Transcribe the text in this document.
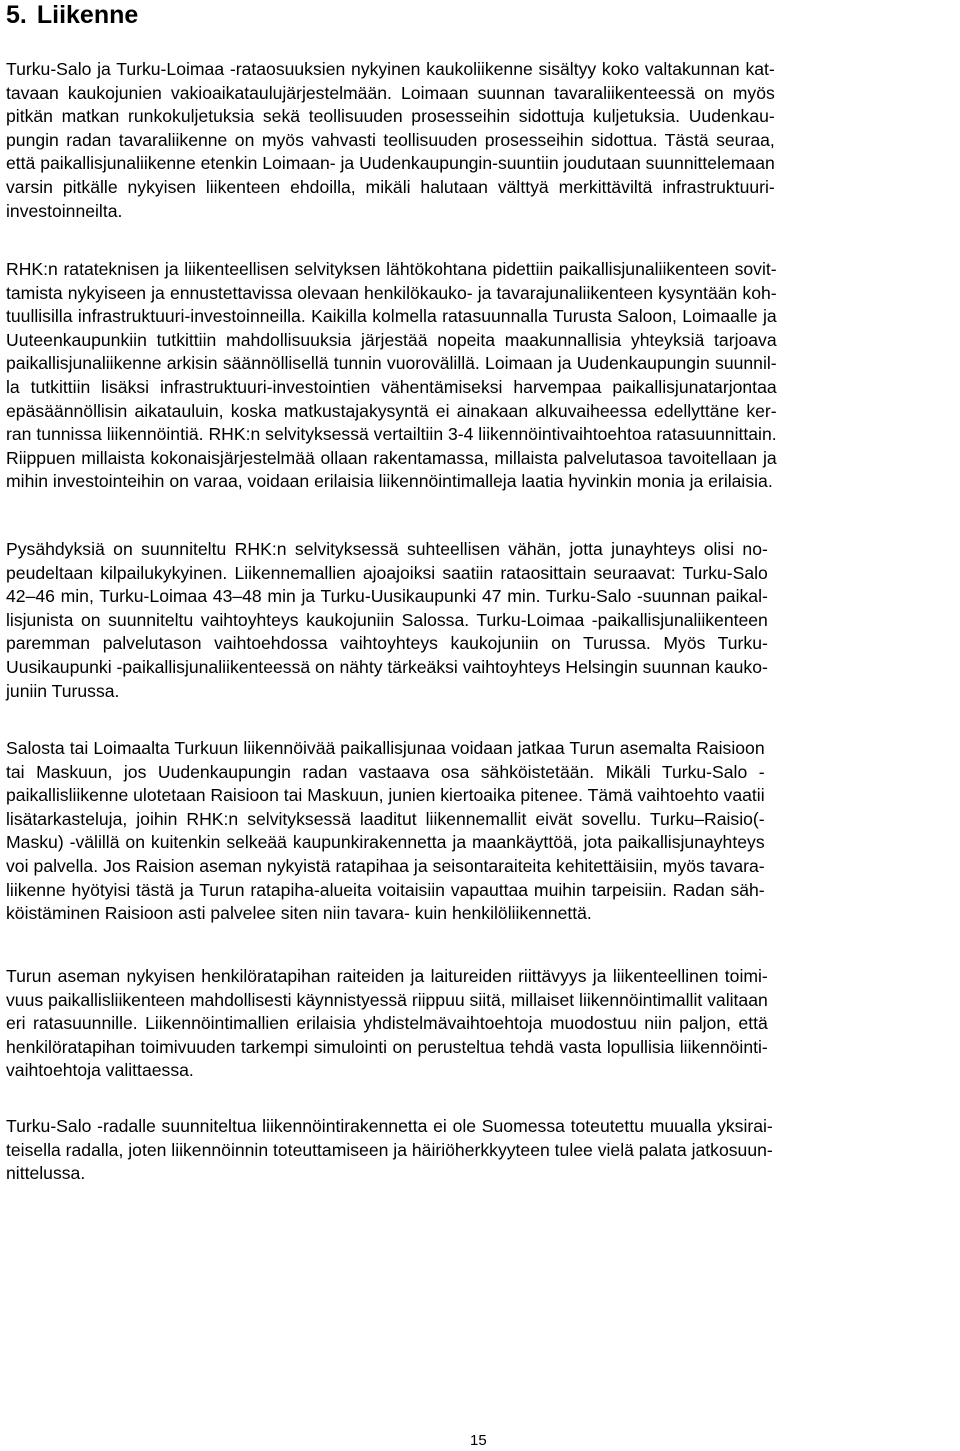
5. Liikenne
Turku-Salo ja Turku-Loimaa -rataosuuksien nykyinen kaukoliikenne sisältyy koko valtakunnan kat-
tavaan kaukojunien vakioaikataulujärjestelmään. Loimaan suunnan tavaraliikenteessä on myös
pitkän matkan runkokuljetuksia sekä teollisuuden prosesseihin sidottuja kuljetuksia. Uudenkau-
pungin radan tavaraliikenne on myös vahvasti teollisuuden prosesseihin sidottua. Tästä seuraa,
että paikallisjunaliikenne etenkin Loimaan- ja Uudenkaupungin-suuntiin joudutaan suunnittelemaan
varsin pitkälle nykyisen liikenteen ehdoilla, mikäli halutaan välttyä merkittäviltä infrastruktuuri-
investoinneilta.
RHK:n ratateknisen ja liikenteellisen selvityksen lähtökohtana pidettiin paikallisjunaliikenteen sovit-
tamista nykyiseen ja ennustettavissa olevaan henkilökauko- ja tavarajunaliikenteen kysyntään koh-
tuullisilla infrastruktuuri-investoinneilla. Kaikilla kolmella ratasuunnalla Turusta Saloon, Loimaalle ja
Uuteenkaupunkiin tutkittiin mahdollisuuksia järjestää nopeita maakunnallisia yhteyksiä tarjoava
paikallisjunaliikenne arkisin säännöllisellä tunnin vuorovälillä. Loimaan ja Uudenkaupungin suunnil-
la tutkittiin lisäksi infrastruktuuri-investointien vähentämiseksi harvempaa paikallisjunatarjontaa
epäsäännöllisin aikatauluin, koska matkustajakysyntä ei ainakaan alkuvaiheessa edellyttäne ker-
ran tunnissa liikennöintiä. RHK:n selvityksessä vertailtiin 3-4 liikennöintivaihtoehtoa ratasuunnittain.
Riippuen millaista kokonaisjärjestelmää ollaan rakentamassa, millaista palvelutasoa tavoitellaan ja
mihin investointeihin on varaa, voidaan erilaisia liikennöintimalleja laatia hyvinkin monia ja erilaisia.
Pysähdyksiä on suunniteltu RHK:n selvityksessä suhteellisen vähän, jotta junayhteys olisi no-
peudeltaan kilpailukykyinen. Liikennemallien ajoajoiksi saatiin rataosittain seuraavat: Turku-Salo
42–46 min, Turku-Loimaa 43–48 min ja Turku-Uusikaupunki 47 min. Turku-Salo -suunnan paikal-
lisjunista on suunniteltu vaihtoyhteys kaukojuniin Salossa. Turku-Loimaa -paikallisjunaliikenteen
paremman palvelutason vaihtoehdossa vaihtoyhteys kaukojuniin on Turussa. Myös Turku-
Uusikaupunki -paikallisjunaliikenteessä on nähty tärkeäksi vaihtoyhteys Helsingin suunnan kauko-
juniin Turussa.
Salosta tai Loimaalta Turkuun liikennöivää paikallisjunaa voidaan jatkaa Turun asemalta Raisioon
tai Maskuun, jos Uudenkaupungin radan vastaava osa sähköistetään. Mikäli Turku-Salo -
paikallisliikenne ulotetaan Raisioon tai Maskuun, junien kiertoaika pitenee. Tämä vaihtoehto vaatii
lisätarkasteluja, joihin RHK:n selvityksessä laaditut liikennemallit eivät sovellu. Turku–Raisio(-
Masku) -välillä on kuitenkin selkeää kaupunkirakennetta ja maankäyttöä, jota paikallisjunayhteys
voi palvella. Jos Raision aseman nykyistä ratapihaa ja seisontaraiteita kehitettäisiin, myös tavara-
liikenne hyötyisi tästä ja Turun ratapiha-alueita voitaisiin vapauttaa muihin tarpeisiin. Radan säh-
köistäminen Raisioon asti palvelee siten niin tavara- kuin henkilöliikennettä.
Turun aseman nykyisen henkilöratapihan raiteiden ja laitureiden riittävyys ja liikenteellinen toimi-
vuus paikallisliikenteen mahdollisesti käynnistyessä riippuu siitä, millaiset liikennöintimallit valitaan
eri ratasuunnille. Liikennöintimallien erilaisia yhdistelmävaihtoehtoja muodostuu niin paljon, että
henkilöratapihan toimivuuden tarkempi simulointi on perusteltua tehdä vasta lopullisia liikennöinti-
vaihtoehtoja valittaessa.
Turku-Salo -radalle suunniteltua liikennöintirakennetta ei ole Suomessa toteutettu muualla yksirai-
teisella radalla, joten liikennöinnin toteuttamiseen ja häiriöherkkyyteen tulee vielä palata jatkosuun-
nittelussa.
15
